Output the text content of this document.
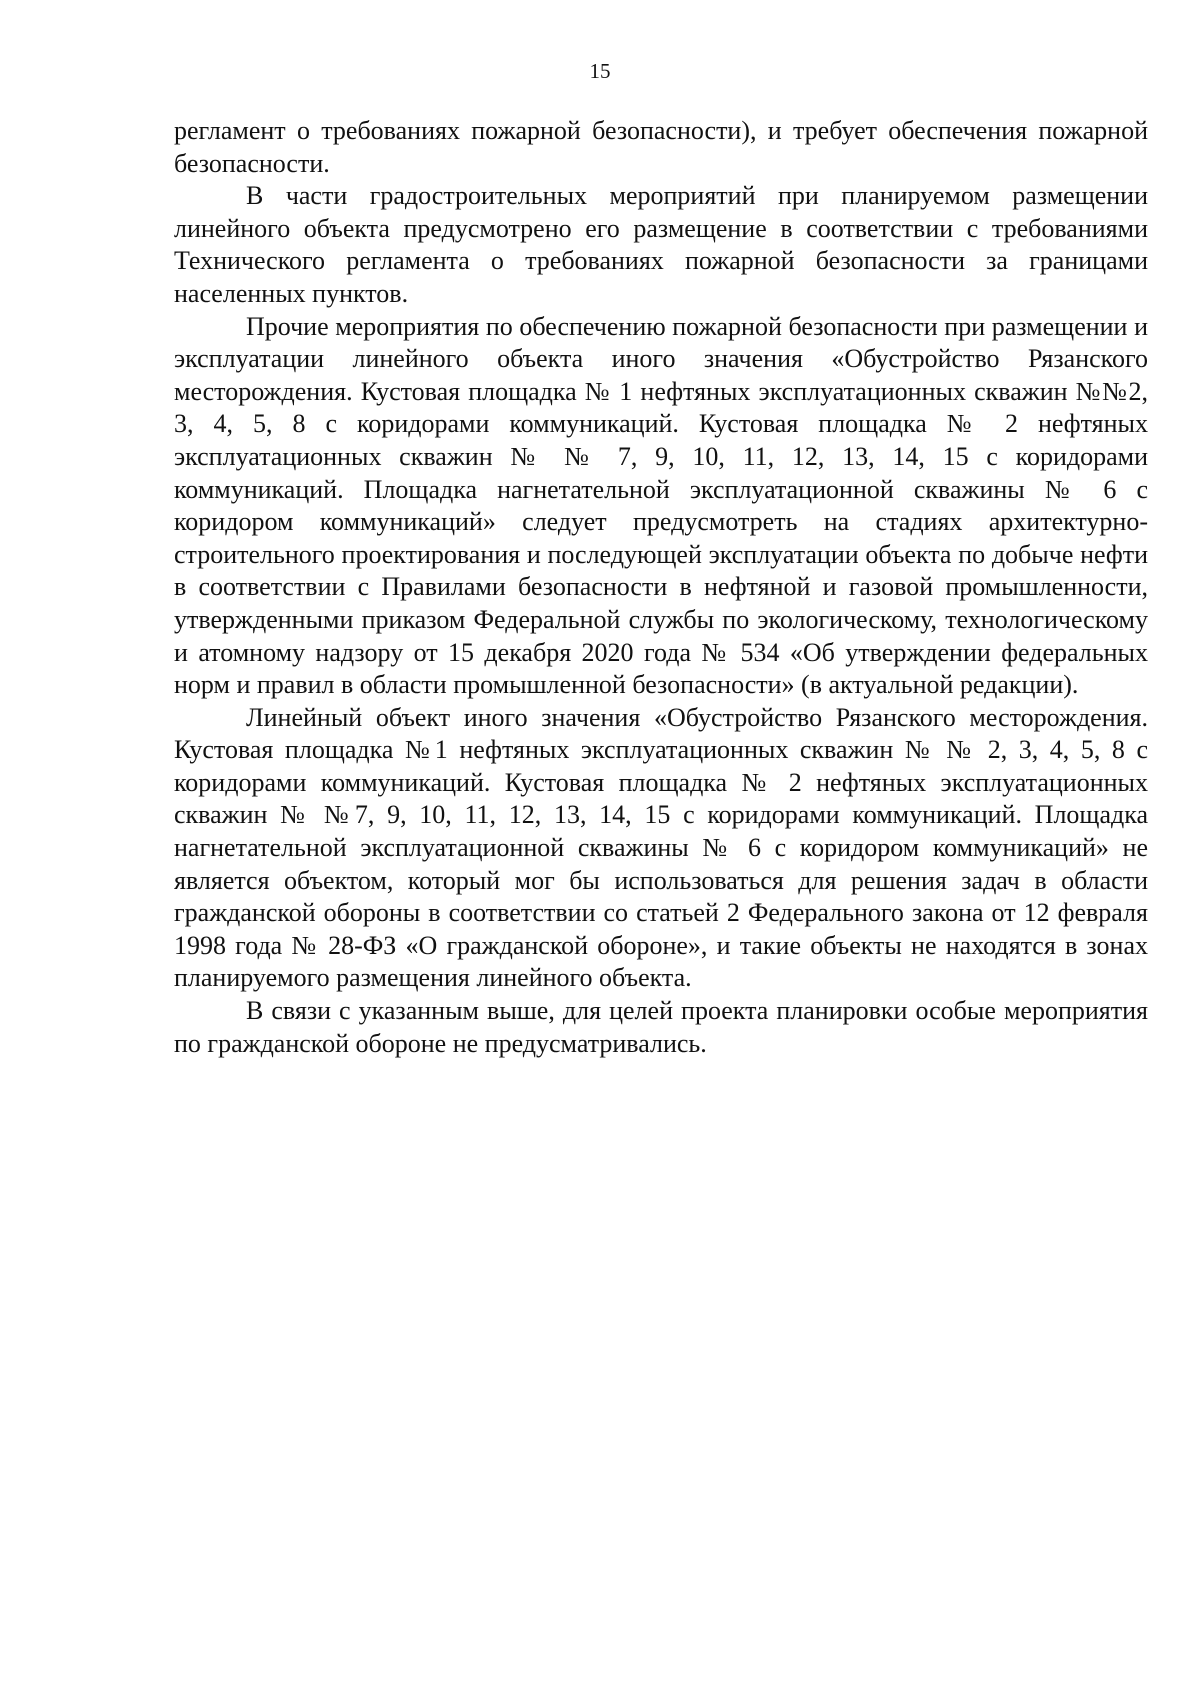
15

регламент о требованиях пожарной безопасности), и требует обеспечения пожарной безопасности.

В части градостроительных мероприятий при планируемом размещении линейного объекта предусмотрено его размещение в соответствии с требованиями Технического регламента о требованиях пожарной безопасности за границами населенных пунктов.

Прочие мероприятия по обеспечению пожарной безопасности при размещении и эксплуатации линейного объекта иного значения «Обустройство Рязанского месторождения. Кустовая площадка № 1 нефтяных эксплуатационных скважин №№2, 3, 4, 5, 8 с коридорами коммуникаций. Кустовая площадка № 2 нефтяных эксплуатационных скважин № № 7, 9, 10, 11, 12, 13, 14, 15 с коридорами коммуникаций. Площадка нагнетательной эксплуатационной скважины № 6 с коридором коммуникаций» следует предусмотреть на стадиях архитектурно-строительного проектирования и последующей эксплуатации объекта по добыче нефти в соответствии с Правилами безопасности в нефтяной и газовой промышленности, утвержденными приказом Федеральной службы по экологическому, технологическому и атомному надзору от 15 декабря 2020 года № 534 «Об утверждении федеральных норм и правил в области промышленной безопасности» (в актуальной редакции).

Линейный объект иного значения «Обустройство Рязанского месторождения. Кустовая площадка №1 нефтяных эксплуатационных скважин № № 2, 3, 4, 5, 8 с коридорами коммуникаций. Кустовая площадка № 2 нефтяных эксплуатационных скважин № №7, 9, 10, 11, 12, 13, 14, 15 с коридорами коммуникаций. Площадка нагнетательной эксплуатационной скважины № 6 с коридором коммуникаций» не является объектом, который мог бы использоваться для решения задач в области гражданской обороны в соответствии со статьей 2 Федерального закона от 12 февраля 1998 года № 28-ФЗ «О гражданской обороне», и такие объекты не находятся в зонах планируемого размещения линейного объекта.

В связи с указанным выше, для целей проекта планировки особые мероприятия по гражданской обороне не предусматривались.
